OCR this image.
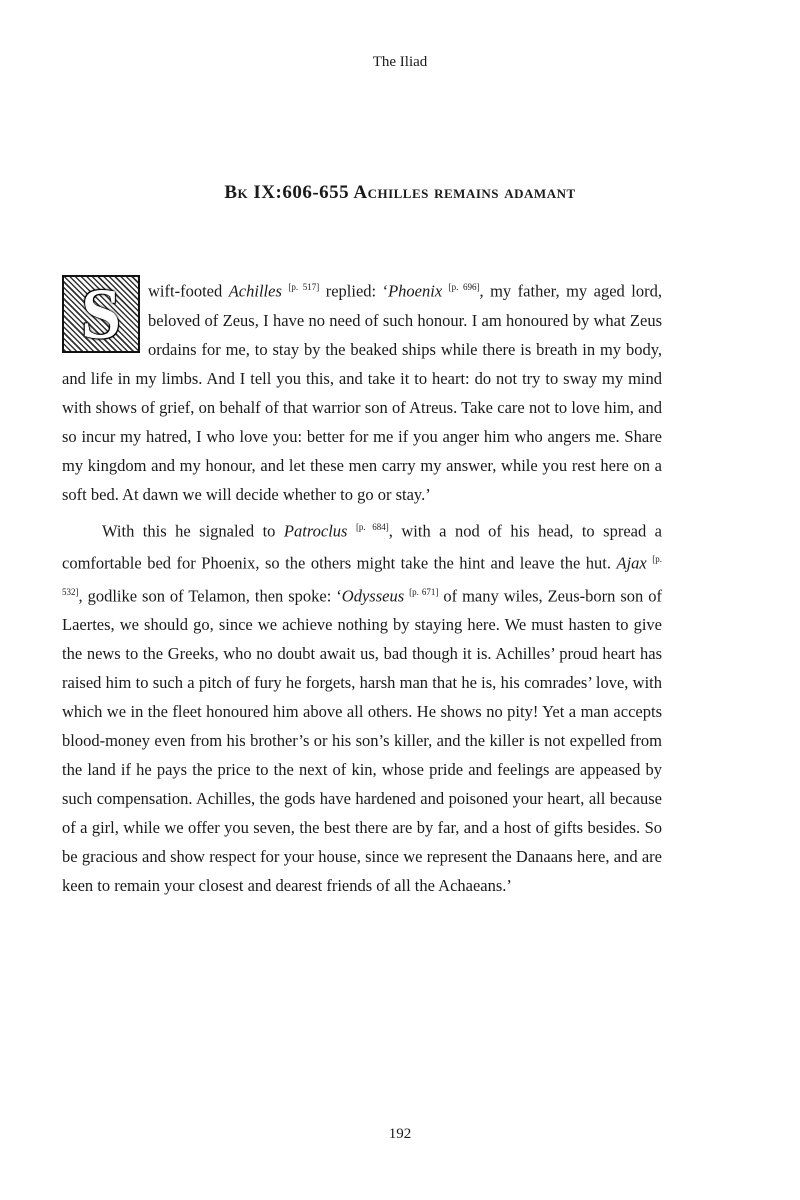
The Iliad
Bk IX:606-655 Achilles remains adamant

S	wift-footed Achilles [p. 517] replied: ‘Phoenix [p. 696], my father, my aged lord, beloved of Zeus, I have no need of such honour. I am honoured by what Zeus ordains for me, to stay by the beaked ships while there is breath in my body, and life in my limbs. And I tell you this, and take it to heart: do not try to sway my mind with shows of grief, on behalf of that warrior son of Atreus. Take care not to love him, and so incur my hatred, I who love you: better for me if you anger him who angers me. Share my kingdom and my honour, and let these men carry my answer, while you rest here on a soft bed. At dawn we will decide whether to go or stay.’

With this he signaled to Patroclus [p. 684], with a nod of his head, to spread a comfortable bed for Phoenix, so the others might take the hint and leave the hut. Ajax [p. 532], godlike son of Telamon, then spoke: ‘Odysseus [p. 671] of many wiles, Zeus-born son of Laertes, we should go, since we achieve nothing by staying here. We must hasten to give the news to the Greeks, who no doubt await us, bad though it is. Achilles’ proud heart has raised him to such a pitch of fury he forgets, harsh man that he is, his comrades’ love, with which we in the fleet honoured him above all others. He shows no pity! Yet a man accepts blood-money even from his brother’s or his son’s killer, and the killer is not expelled from the land if he pays the price to the next of kin, whose pride and feelings are appeased by such compensation. Achilles, the gods have hardened and poisoned your heart, all because of a girl, while we offer you seven, the best there are by far, and a host of gifts besides. So be gracious and show respect for your house, since we represent the Danaans here, and are keen to remain your closest and dearest friends of all the Achaeans.’

192
